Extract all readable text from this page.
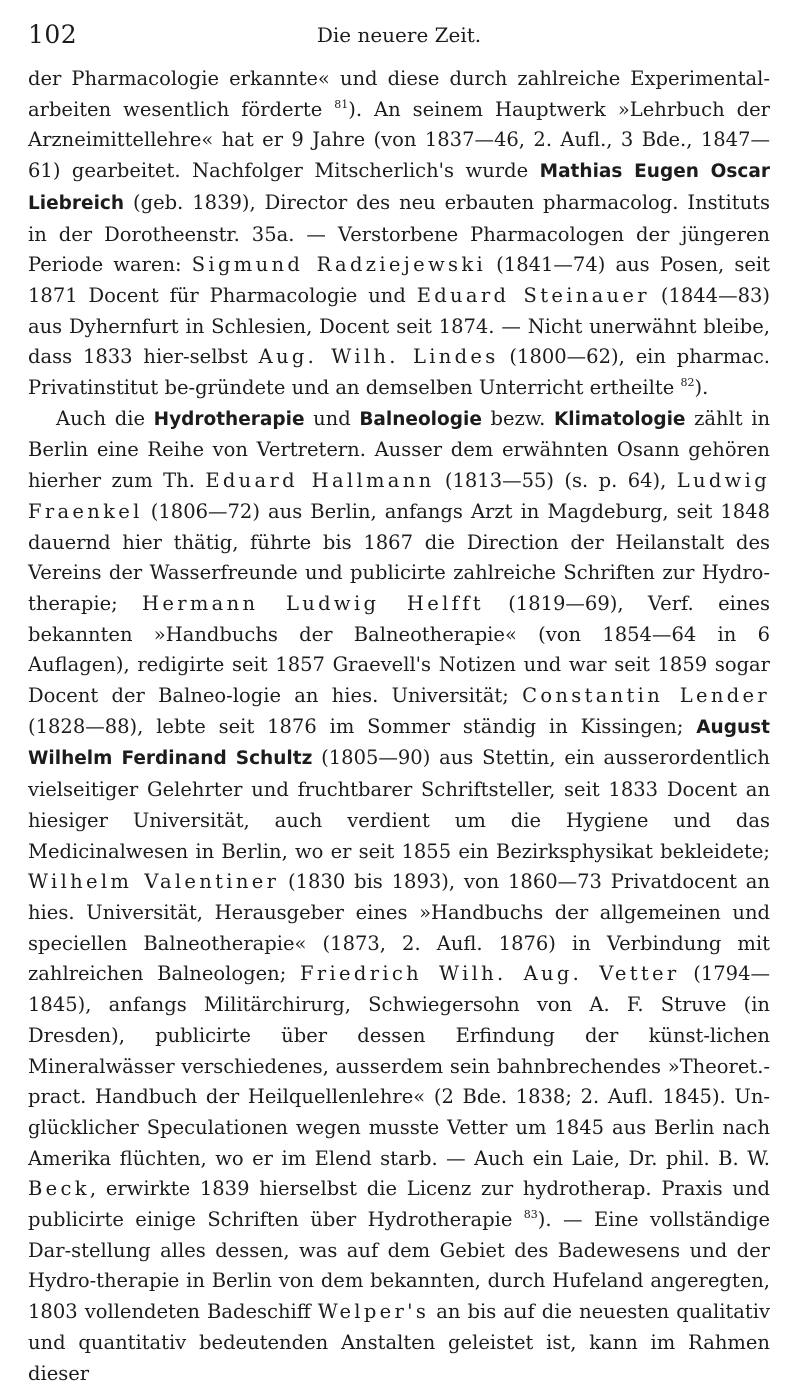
102	Die neuere Zeit.

der Pharmacologie erkannte« und diese durch zahlreiche Experimental-arbeiten wesentlich förderte $^{81}$). An seinem Hauptwerk »Lehrbuch der Arzneimittellehre« hat er 9 Jahre (von 1837—46, 2. Aufl., 3 Bde., 1847—61) gearbeitet. Nachfolger Mitscherlich's wurde Mathias Eugen Oscar Liebreich (geb. 1839), Director des neu erbauten pharmacolog. Instituts in der Dorotheenstr. 35a. — Verstorbene Pharmacologen der jüngeren Periode waren: Sigmund Radziejewski (1841—74) aus Posen, seit 1871 Docent für Pharmacologie und Eduard Steinauer (1844—83) aus Dyhernfurt in Schlesien, Docent seit 1874. — Nicht unerwähnt bleibe, dass 1833 hier-selbst Aug. Wilh. Lindes (1800—62), ein pharmac. Privatinstitut be-gründete und an demselben Unterricht ertheilte $^{82}$).

Auch die Hydrotherapie und Balneologie bezw. Klimatologie zählt in Berlin eine Reihe von Vertretern. Ausser dem erwähnten Osann gehören hierher zum Th. Eduard Hallmann (1813—55) (s. p. 64), Ludwig Fraenkel (1806—72) aus Berlin, anfangs Arzt in Magdeburg, seit 1848 dauernd hier thätig, führte bis 1867 die Direction der Heilanstalt des Vereins der Wasserfreunde und publicirte zahlreiche Schriften zur Hydro-therapie; Hermann Ludwig Helfft (1819—69), Verf. eines bekannten »Handbuchs der Balneotherapie« (von 1854—64 in 6 Auflagen), redigirte seit 1857 Graevell's Notizen und war seit 1859 sogar Docent der Balneo-logie an hies. Universität; Constantin Lender (1828—88), lebte seit 1876 im Sommer ständig in Kissingen; August Wilhelm Ferdinand Schultz (1805—90) aus Stettin, ein ausserordentlich vielseitiger Gelehrter und fruchtbarer Schriftsteller, seit 1833 Docent an hiesiger Universität, auch verdient um die Hygiene und das Medicinalwesen in Berlin, wo er seit 1855 ein Bezirksphysikat bekleidete; Wilhelm Valentiner (1830 bis 1893), von 1860—73 Privatdocent an hies. Universität, Herausgeber eines »Handbuchs der allgemeinen und speciellen Balneotherapie« (1873, 2. Aufl. 1876) in Verbindung mit zahlreichen Balneologen; Friedrich Wilh. Aug. Vetter (1794—1845), anfangs Militärchirurg, Schwiegersohn von A. F. Struve (in Dresden), publicirte über dessen Erfindung der künst-lichen Mineralwässer verschiedenes, ausserdem sein bahnbrechendes »Theoret.-pract. Handbuch der Heilquellenlehre« (2 Bde. 1838; 2. Aufl. 1845). Un-glücklicher Speculationen wegen musste Vetter um 1845 aus Berlin nach Amerika flüchten, wo er im Elend starb. — Auch ein Laie, Dr. phil. B. W. Beck, erwirkte 1839 hierselbst die Licenz zur hydrotherap. Praxis und publicirte einige Schriften über Hydrotherapie $^{83}$). — Eine vollständige Dar-stellung alles dessen, was auf dem Gebiet des Badewesens und der Hydro-therapie in Berlin von dem bekannten, durch Hufeland angeregten, 1803 vollendeten Badeschiff Welper's an bis auf die neuesten qualitativ und quantitativ bedeutenden Anstalten geleistet ist, kann im Rahmen dieser
